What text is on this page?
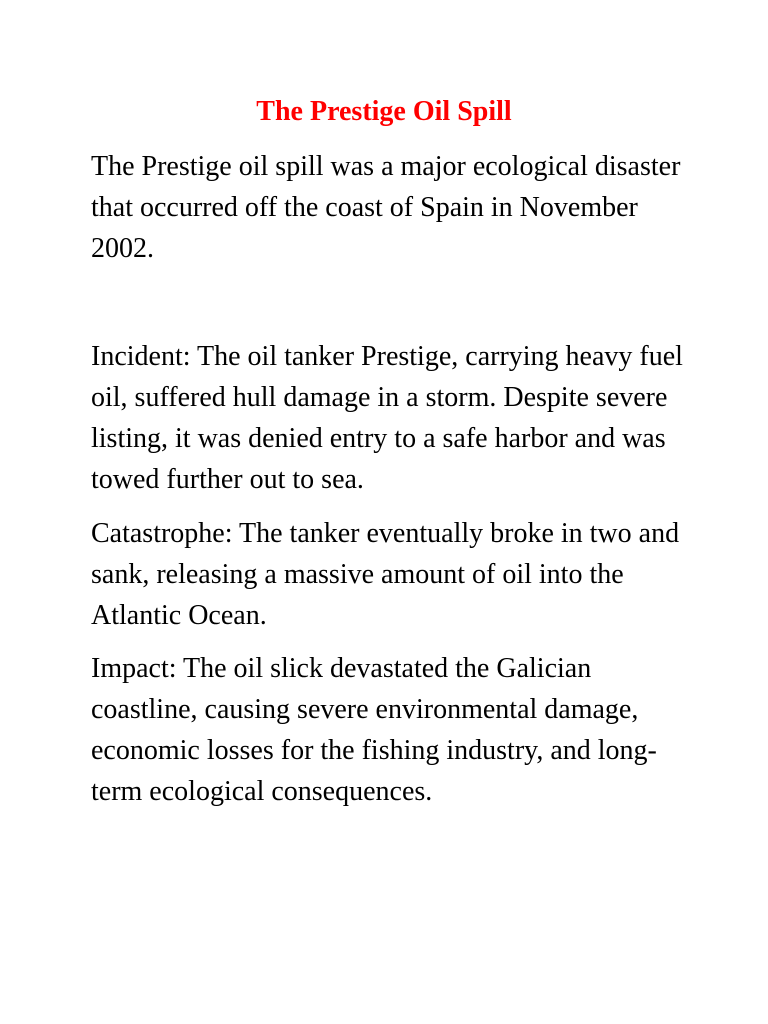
The Prestige Oil Spill

The Prestige oil spill was a major ecological disaster that occurred off the coast of Spain in November 2002.

Incident: The oil tanker Prestige, carrying heavy fuel oil, suffered hull damage in a storm. Despite severe listing, it was denied entry to a safe harbor and was towed further out to sea.

Catastrophe: The tanker eventually broke in two and sank, releasing a massive amount of oil into the Atlantic Ocean.

Impact: The oil slick devastated the Galician coastline, causing severe environmental damage, economic losses for the fishing industry, and long-term ecological consequences.
